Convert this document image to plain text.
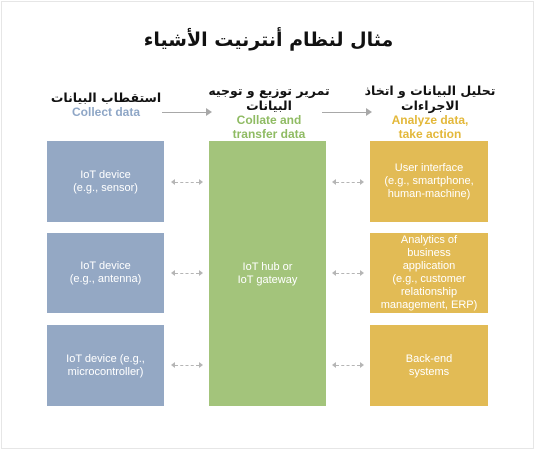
مثال لنظام أنترنيت الأشياء
استقطاب البيانات
Collect data
تمرير توزيع و توجيه البيانات
Collate and
transfer data
تحليل البيانات و اتخاذ الاجراءات
Analyze data,
take action
IoT device
(e.g., sensor)
IoT device
(e.g., antenna)
IoT device (e.g.,
microcontroller)
IoT hub or
IoT gateway
User interface
(e.g., smartphone,
human-machine)
Analytics of
business
application
(e.g., customer
relationship
management, ERP)
Back-end
systems
